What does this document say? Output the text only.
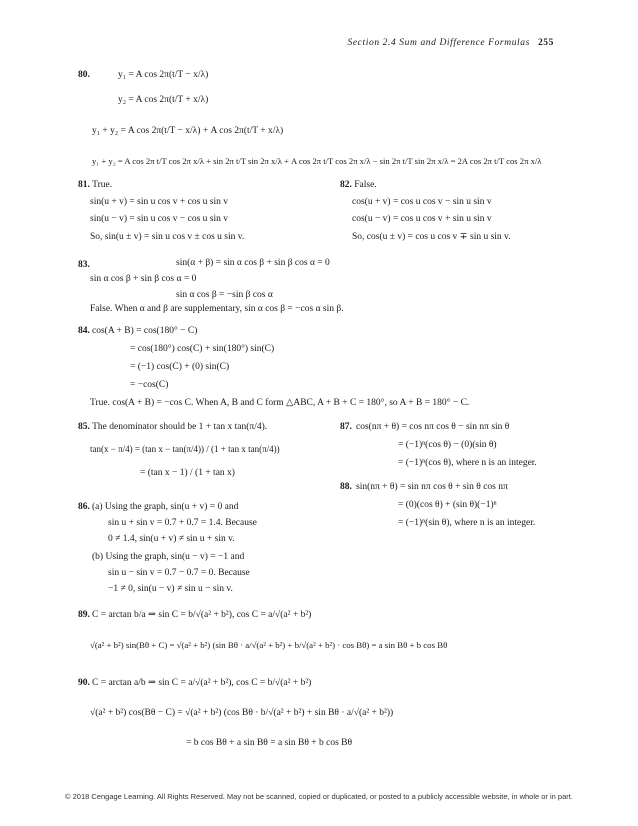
Section 2.4 Sum and Difference Formulas 255
80.	y₁ = A cos 2π(t/T − x/λ)
y₂ = A cos 2π(t/T + x/λ)
y₁ + y₂ = A cos 2π(t/T − x/λ) + A cos 2π(t/T + x/λ)
y₁ + y₂ = A cos 2π t/T cos 2π x/λ + sin 2π t/T sin 2π x/λ + A cos 2π t/T cos 2π x/λ − sin 2π t/T sin 2π x/λ = 2A cos 2π t/T cos 2π x/λ
81. True.
sin(u + v) = sin u cos v + cos u sin v
sin(u − v) = sin u cos v − cos u sin v
So, sin(u ± v) = sin u cos v ± cos u sin v.
82. False.
cos(u + v) = cos u cos v − sin u sin v
cos(u − v) = cos u cos v + sin u sin v
So, cos(u ± v) = cos u cos v ∓ sin u sin v.
83.	sin(α + β) = sin α cos β + sin β cos α = 0
sin α cos β + sin β cos α = 0
sin α cos β = −sin β cos α
False. When α and β are supplementary, sin α cos β = −cos α sin β.
84. cos(A + B) = cos(180° − C)
= cos(180°) cos(C) + sin(180°) sin(C)
= (−1) cos(C) + (0) sin(C)
= −cos(C)
True. cos(A + B) = −cos C. When A, B and C form △ABC, A + B + C = 180°, so A + B = 180° − C.
85. The denominator should be 1 + tan x tan(π/4).
tan(x − π/4) = (tan x − tan(π/4)) / (1 + tan x tan(π/4))
= (tan x − 1) / (1 + tan x)
87. cos(nπ + θ) = cos nπ cos θ − sin nπ sin θ
= (−1)ⁿ(cos θ) − (0)(sin θ)
= (−1)ⁿ(cos θ), where n is an integer.
88. sin(nπ + θ) = sin nπ cos θ + sin θ cos nπ
= (0)(cos θ) + (sin θ)(−1)ⁿ
= (−1)ⁿ(sin θ), where n is an integer.
86. (a) Using the graph, sin(u + v) = 0 and
sin u + sin v = 0.7 + 0.7 = 1.4. Because
0 ≠ 1.4, sin(u + v) ≠ sin u + sin v.
(b) Using the graph, sin(u − v) = −1 and
sin u − sin v = 0.7 − 0.7 = 0. Because
−1 ≠ 0, sin(u − v) ≠ sin u − sin v.
89. C = arctan b/a ⇒ sin C = b/√(a² + b²), cos C = a/√(a² + b²)
√(a² + b²) sin(Bθ + C) = √(a² + b²) (sin Bθ · a/√(a² + b²) + b/√(a² + b²) · cos Bθ) = a sin Bθ + b cos Bθ
90. C = arctan a/b ⇒ sin C = a/√(a² + b²), cos C = b/√(a² + b²)
√(a² + b²) cos(Bθ − C) = √(a² + b²) (cos Bθ · b/√(a² + b²) + sin Bθ · a/√(a² + b²))
= b cos Bθ + a sin Bθ = a sin Bθ + b cos Bθ
© 2018 Cengage Learning. All Rights Reserved. May not be scanned, copied or duplicated, or posted to a publicly accessible website, in whole or in part.
